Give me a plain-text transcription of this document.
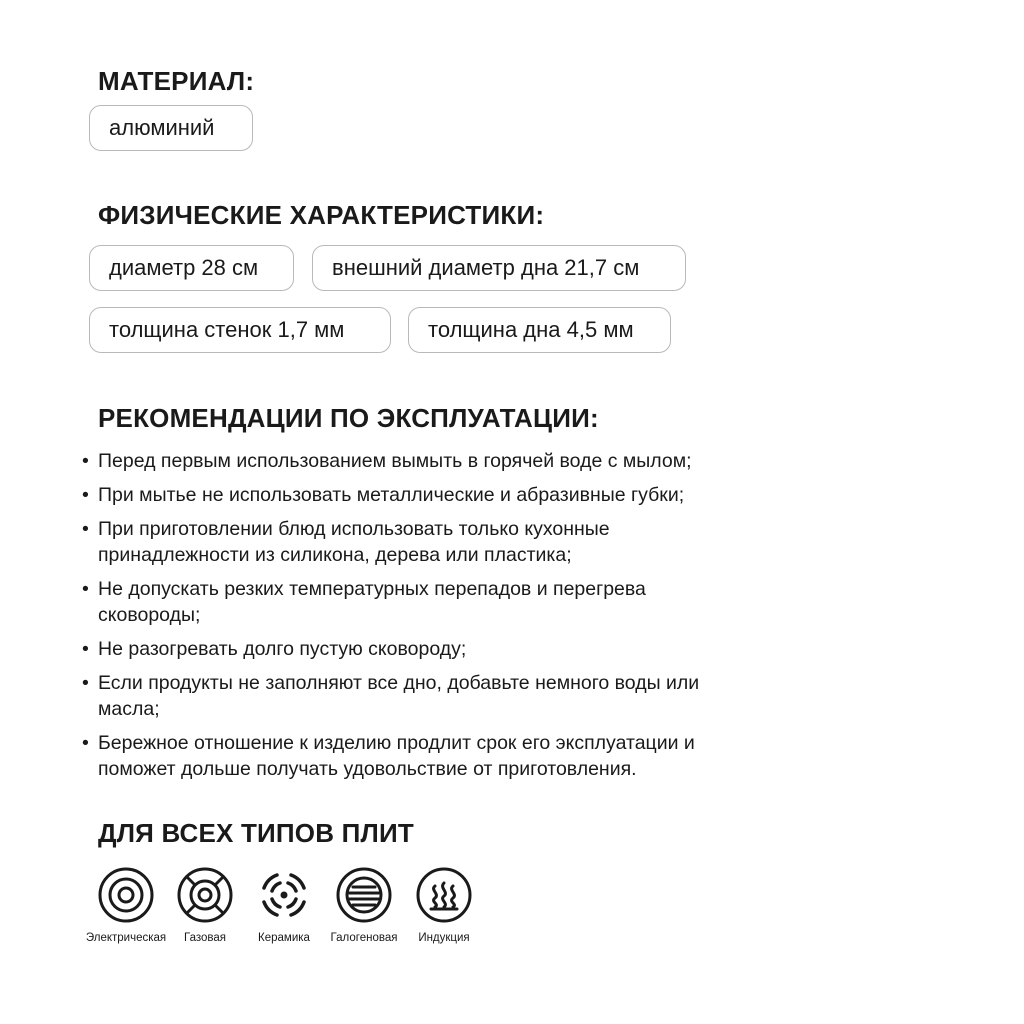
МАТЕРИАЛ:
алюминий
ФИЗИЧЕСКИЕ ХАРАКТЕРИСТИКИ:
диаметр 28 см	внешний диаметр дна 21,7 см
толщина стенок 1,7 мм	толщина дна 4,5 мм
РЕКОМЕНДАЦИИ ПО ЭКСПЛУАТАЦИИ:
• Перед первым использованием вымыть в горячей воде с мылом;
• При мытье не использовать металлические и абразивные губки;
• При приготовлении блюд использовать только кухонные принадлежности из силикона, дерева или пластика;
• Не допускать резких температурных перепадов и перегрева сковороды;
• Не разогревать долго пустую сковороду;
• Если продукты не заполняют все дно, добавьте немного воды или масла;
• Бережное отношение к изделию продлит срок его эксплуатации и поможет дольше получать удовольствие от приготовления.
ДЛЯ ВСЕХ ТИПОВ ПЛИТ
Электрическая	Газовая	Керамика	Галогеновая	Индукция
